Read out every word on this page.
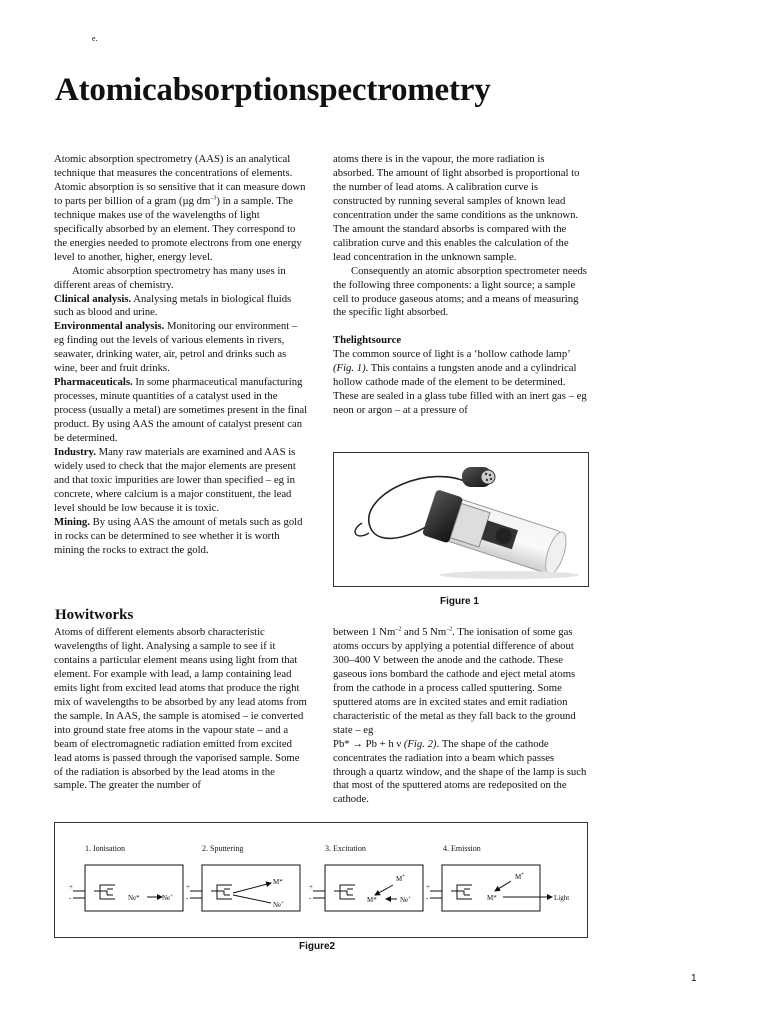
e.
Atomicabsorptionspectrometry

Atomic absorption spectrometry (AAS) is an analytical technique that measures the concentrations of elements. Atomic absorption is so sensitive that it can measure down to parts per billion of a gram (µg $dm^{-3}$) in a sample. The technique makes use of the wavelengths of light specifically absorbed by an element. They correspond to the energies needed to promote electrons from one energy level to another, higher, energy level.

Atomic absorption spectrometry has many uses in different areas of chemistry.

Clinical analysis. Analysing metals in biological fluids such as blood and urine.

Environmental analysis. Monitoring our environment – eg finding out the levels of various elements in rivers, seawater, drinking water, air, petrol and drinks such as wine, beer and fruit drinks.

Pharmaceuticals. In some pharmaceutical manufacturing processes, minute quantities of a catalyst used in the process (usually a metal) are sometimes present in the final product. By using AAS the amount of catalyst present can be determined.

Industry. Many raw materials are examined and AAS is widely used to check that the major elements are present and that toxic impurities are lower than specified – eg in concrete, where calcium is a major constituent, the lead level should be low because it is toxic.

Mining. By using AAS the amount of metals such as gold in rocks can be determined to see whether it is worth mining the rocks to extract the gold.

atoms there is in the vapour, the more radiation is absorbed. The amount of light absorbed is proportional to the number of lead atoms. A calibration curve is constructed by running several samples of known lead concentration under the same conditions as the unknown. The amount the standard absorbs is compared with the calibration curve and this enables the calculation of the lead concentration in the unknown sample.

Consequently an atomic absorption spectrometer needs the following three components: a light source; a sample cell to produce gaseous atoms; and a means of measuring the specific light absorbed.

Thelightsource

The common source of light is a ‘hollow cathode lamp’ (Fig. 1). This contains a tungsten anode and a cylindrical hollow cathode made of the element to be determined. These are sealed in a glass tube filled with an inert gas – eg neon or argon – at a pressure of

Figure 1
Howitworks

Atoms of different elements absorb characteristic wavelengths of light. Analysing a sample to see if it contains a particular element means using light from that element. For example with lead, a lamp containing lead emits light from excited lead atoms that produce the right mix of wavelengths to be absorbed by any lead atoms from the sample. In AAS, the sample is atomised – ie converted into ground state free atoms in the vapour state – and a beam of electromagnetic radiation emitted from excited lead atoms is passed through the vaporised sample. Some of the radiation is absorbed by the lead atoms in the sample. The greater the number of

between 1 $Nm^{-2}$ and 5 $Nm^{-2}$. The ionisation of some gas atoms occurs by applying a potential difference of about 300–400 V between the anode and the cathode. These gaseous ions bombard the cathode and eject metal atoms from the cathode in a process called sputtering. Some sputtered atoms are in excited states and emit radiation characteristic of the metal as they fall back to the ground state – eg
Pb* → Pb + h ν (Fig. 2). The shape of the cathode concentrates the radiation into a beam which passes through a quartz window, and the shape of the lamp is such that most of the sputtered atoms are redeposited on the cathode.

1. Ionisation	2. Sputtering	3. Excitation	4. Emission
+
-	Ne*	Ne+
+
-
M*
Ne+
+
-
M*
M*	Ne+
+
-
M*
M*	Light
Figure2
1
